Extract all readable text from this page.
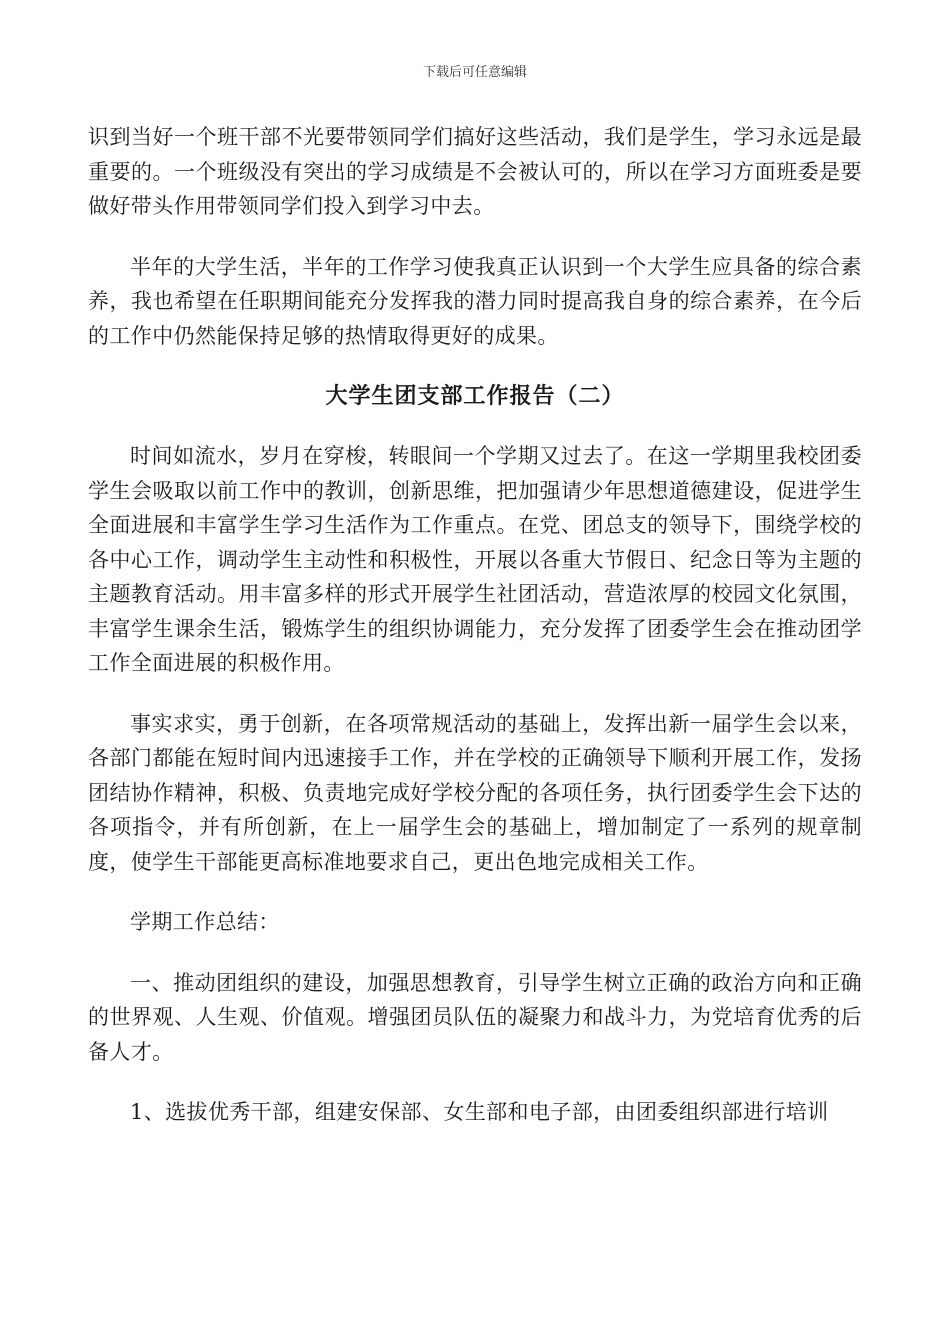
下载后可任意编辑

识到当好一个班干部不光要带领同学们搞好这些活动，我们是学生，学习永远是最重要的。一个班级没有突出的学习成绩是不会被认可的，所以在学习方面班委是要做好带头作用带领同学们投入到学习中去。

半年的大学生活，半年的工作学习使我真正认识到一个大学生应具备的综合素养，我也希望在任职期间能充分发挥我的潜力同时提高我自身的综合素养，在今后的工作中仍然能保持足够的热情取得更好的成果。

大学生团支部工作报告（二）

时间如流水，岁月在穿梭，转眼间一个学期又过去了。在这一学期里我校团委学生会吸取以前工作中的教训，创新思维，把加强请少年思想道德建设，促进学生全面进展和丰富学生学习生活作为工作重点。在党、团总支的领导下，围绕学校的各中心工作，调动学生主动性和积极性，开展以各重大节假日、纪念日等为主题的主题教育活动。用丰富多样的形式开展学生社团活动，营造浓厚的校园文化氛围，丰富学生课余生活，锻炼学生的组织协调能力，充分发挥了团委学生会在推动团学工作全面进展的积极作用。

事实求实，勇于创新，在各项常规活动的基础上，发挥出新一届学生会以来，各部门都能在短时间内迅速接手工作，并在学校的正确领导下顺利开展工作，发扬团结协作精神，积极、负责地完成好学校分配的各项任务，执行团委学生会下达的各项指令，并有所创新，在上一届学生会的基础上，增加制定了一系列的规章制度，使学生干部能更高标准地要求自己，更出色地完成相关工作。

学期工作总结：

一、推动团组织的建设，加强思想教育，引导学生树立正确的政治方向和正确的世界观、人生观、价值观。增强团员队伍的凝聚力和战斗力，为党培育优秀的后备人才。

1、选拔优秀干部，组建安保部、女生部和电子部，由团委组织部进行培训
